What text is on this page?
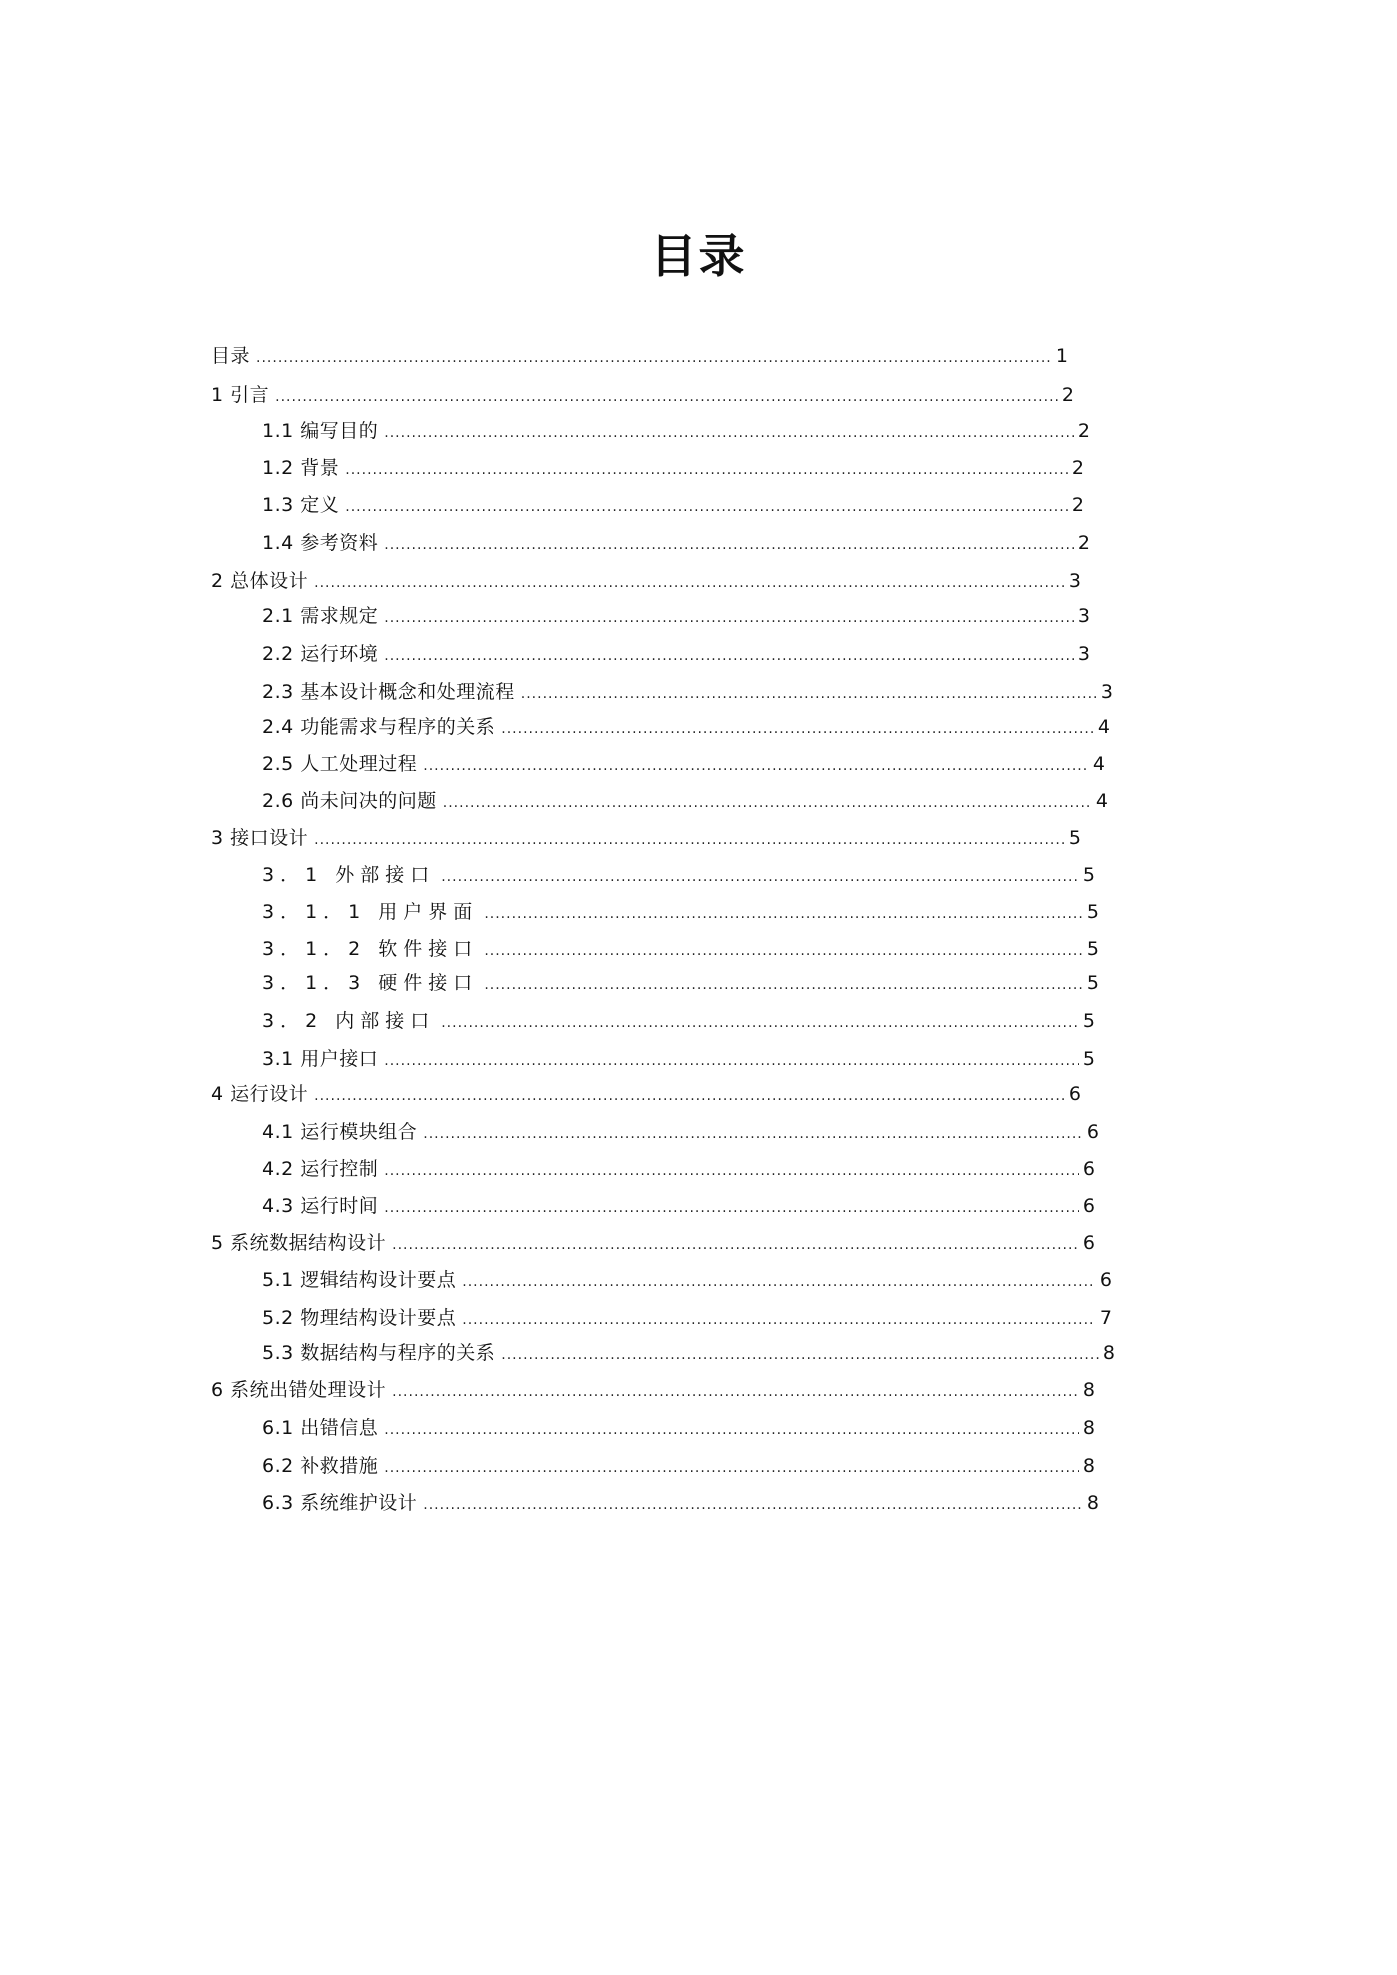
目录
目录 .....	1
1 引言 .....	2
1.1 编写目的 .....	2
1.2 背景 .....	2
1.3 定义 .....	2
1.4 参考资料 .....	2
2 总体设计 .....	3
2.1 需求规定 .....	3
2.2 运行环境 .....	3
2.3 基本设计概念和处理流程 .....	3
2.4 功能需求与程序的关系 .....	4
2.5 人工处理过程 .....	4
2.6 尚未问决的问题 .....	4
3 接口设计 .....	5
3．1 外部接口 .....	5
3．1．1 用户界面 .....	5
3．1．2 软件接口 .....	5
3．1．3 硬件接口 .....	5
3．2 内部接口 .....	5
3.1 用户接口 .....	5
4 运行设计 .....	6
4.1 运行模块组合 .....	6
4.2 运行控制 .....	6
4.3 运行时间 .....	6
5 系统数据结构设计 .....	6
5.1 逻辑结构设计要点 .....	6
5.2 物理结构设计要点 .....	7
5.3 数据结构与程序的关系 .....	8
6 系统出错处理设计 .....	8
6.1 出错信息 .....	8
6.2 补救措施 .....	8
6.3 系统维护设计 .....	8
